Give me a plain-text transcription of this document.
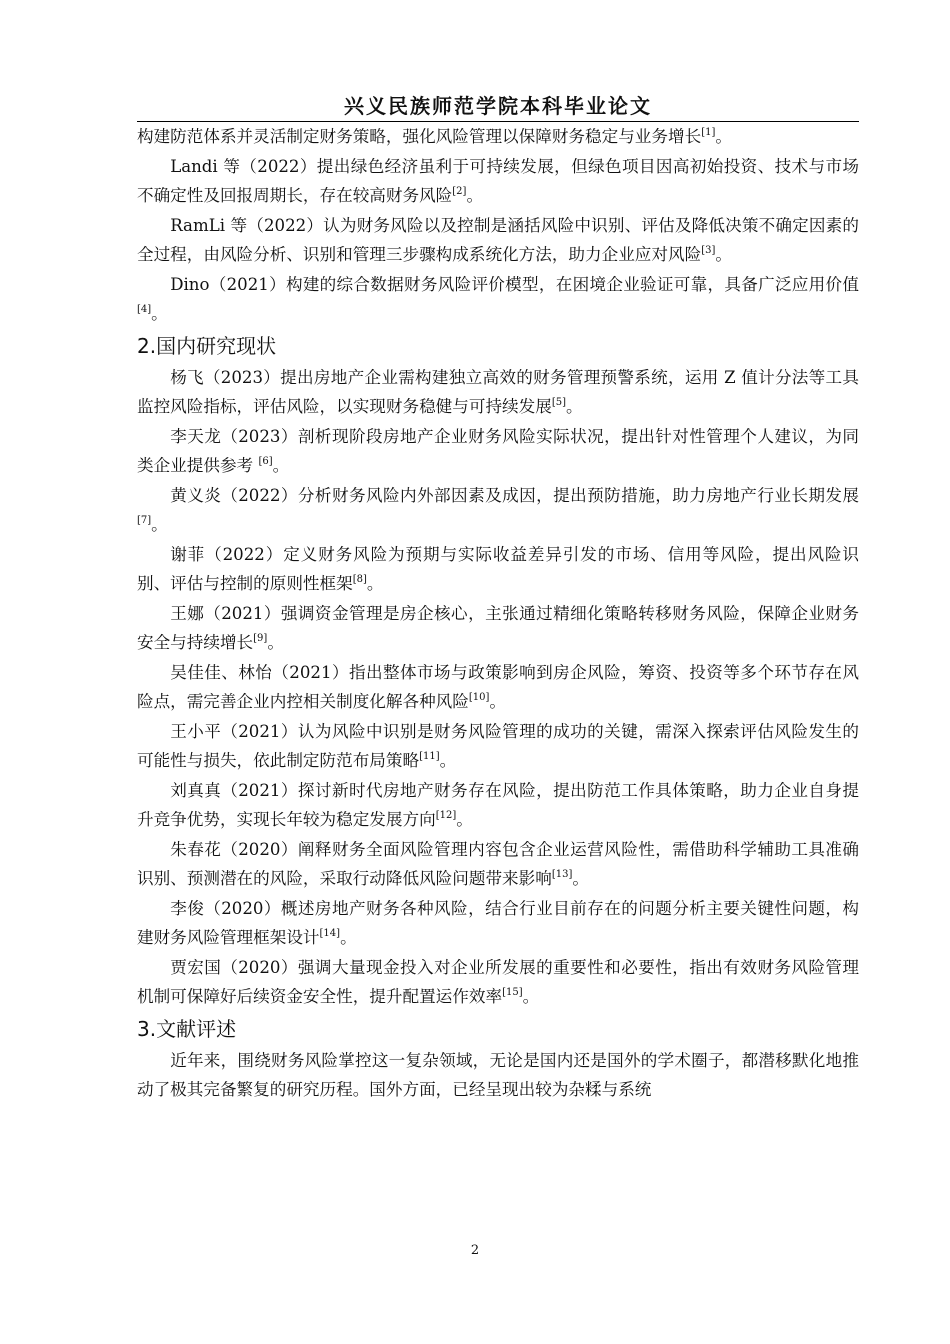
兴义民族师范学院本科毕业论文

构建防范体系并灵活制定财务策略，强化风险管理以保障财务稳定与业务增长[1]。

Landi 等（2022）提出绿色经济虽利于可持续发展，但绿色项目因高初始投资、技术与市场不确定性及回报周期长，存在较高财务风险[2]。

RamLi 等（2022）认为财务风险以及控制是涵括风险中识别、评估及降低决策不确定因素的全过程，由风险分析、识别和管理三步骤构成系统化方法，助力企业应对风险[3]。

Dino（2021）构建的综合数据财务风险评价模型，在困境企业验证可靠，具备广泛应用价值[4]。

2.国内研究现状

杨飞（2023）提出房地产企业需构建独立高效的财务管理预警系统，运用 Z 值计分法等工具监控风险指标，评估风险，以实现财务稳健与可持续发展[5]。

李天龙（2023）剖析现阶段房地产企业财务风险实际状况，提出针对性管理个人建议，为同类企业提供参考 [6]。

黄义炎（2022）分析财务风险内外部因素及成因，提出预防措施，助力房地产行业长期发展[7]。

谢菲（2022）定义财务风险为预期与实际收益差异引发的市场、信用等风险，提出风险识别、评估与控制的原则性框架[8]。

王娜（2021）强调资金管理是房企核心，主张通过精细化策略转移财务风险，保障企业财务安全与持续增长[9]。

吴佳佳、林怡（2021）指出整体市场与政策影响到房企风险，筹资、投资等多个环节存在风险点，需完善企业内控相关制度化解各种风险[10]。

王小平（2021）认为风险中识别是财务风险管理的成功的关键，需深入探索评估风险发生的可能性与损失，依此制定防范布局策略[11]。

刘真真（2021）探讨新时代房地产财务存在风险，提出防范工作具体策略，助力企业自身提升竞争优势，实现长年较为稳定发展方向[12]。

朱春花（2020）阐释财务全面风险管理内容包含企业运营风险性，需借助科学辅助工具准确识别、预测潜在的风险，采取行动降低风险问题带来影响[13]。

李俊（2020）概述房地产财务各种风险，结合行业目前存在的问题分析主要关键性问题，构建财务风险管理框架设计[14]。

贾宏国（2020）强调大量现金投入对企业所发展的重要性和必要性，指出有效财务风险管理机制可保障好后续资金安全性，提升配置运作效率[15]。

3.文献评述

近年来，围绕财务风险掌控这一复杂领域，无论是国内还是国外的学术圈子，都潜移默化地推动了极其完备繁复的研究历程。国外方面，已经呈现出较为杂糅与系统

2
